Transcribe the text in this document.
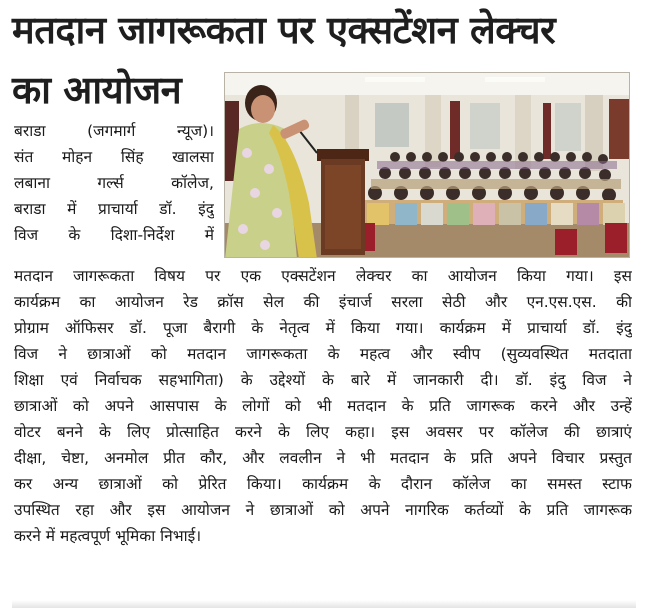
मतदान जागरूकता पर एक्सटेंशन लेक्चर
का आयोजन
बराडा (जगमार्ग न्यूज)।
संत मोहन सिंह खालसा
लबाना गर्ल्स कॉलेज,
बराडा में प्राचार्या डॉ. इंदु
विज के दिशा-निर्देश में
मतदान जागरूकता विषय पर एक एक्सटेंशन लेक्चर का आयोजन किया गया। इस
कार्यक्रम का आयोजन रेड क्रॉस सेल की इंचार्ज सरला सेठी और एन.एस.एस. की
प्रोग्राम ऑफिसर डॉ. पूजा बैरागी के नेतृत्व में किया गया। कार्यक्रम में प्राचार्या डॉ. इंदु
विज ने छात्राओं को मतदान जागरूकता के महत्व और स्वीप (सुव्यवस्थित मतदाता
शिक्षा एवं निर्वाचक सहभागिता) के उद्देश्यों के बारे में जानकारी दी। डॉ. इंदु विज ने
छात्राओं को अपने आसपास के लोगों को भी मतदान के प्रति जागरूक करने और उन्हें
वोटर बनने के लिए प्रोत्साहित करने के लिए कहा। इस अवसर पर कॉलेज की छात्राएं
दीक्षा, चेष्टा, अनमोल प्रीत कौर, और लवलीन ने भी मतदान के प्रति अपने विचार प्रस्तुत
कर अन्य छात्राओं को प्रेरित किया। कार्यक्रम के दौरान कॉलेज का समस्त स्टाफ
उपस्थित रहा और इस आयोजन ने छात्राओं को अपने नागरिक कर्तव्यों के प्रति जागरूक
करने में महत्वपूर्ण भूमिका निभाई।
